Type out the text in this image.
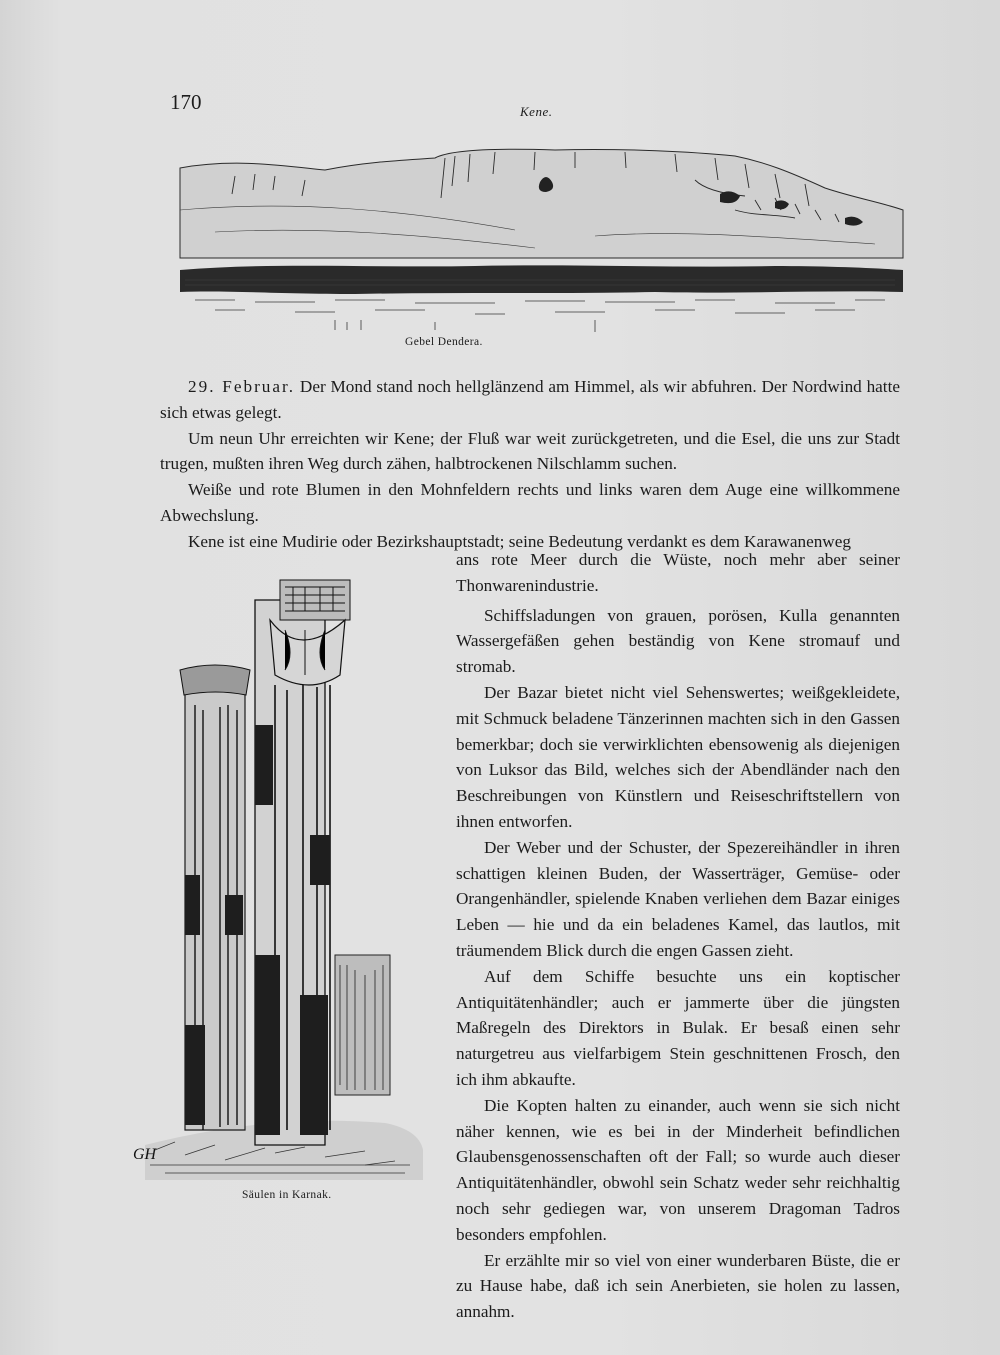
170	Kene.
Gebel Dendera.

29. Februar. Der Mond stand noch hellglänzend am Himmel, als wir abfuhren. Der Nordwind hatte sich etwas gelegt.

Um neun Uhr erreichten wir Kene; der Fluß war weit zurückgetreten, und die Esel, die uns zur Stadt trugen, mußten ihren Weg durch zähen, halbtrockenen Nilschlamm suchen.

Weiße und rote Blumen in den Mohnfeldern rechts und links waren dem Auge eine willkommene Abwechslung.

Kene ist eine Mudirie oder Bezirkshauptstadt; seine Bedeutung verdankt es dem Karawanenweg

GH
Säulen in Karnak.

ans rote Meer durch die Wüste, noch mehr aber seiner Thonwarenindustrie.

Schiffsladungen von grauen, porösen, Kulla genannten Wassergefäßen gehen beständig von Kene stromauf und stromab.

Der Bazar bietet nicht viel Sehenswertes; weißgekleidete, mit Schmuck beladene Tänzerinnen machten sich in den Gassen bemerkbar; doch sie verwirklichten ebensowenig als diejenigen von Luksor das Bild, welches sich der Abendländer nach den Beschreibungen von Künstlern und Reiseschriftstellern von ihnen entworfen.

Der Weber und der Schuster, der Spezereihändler in ihren schattigen kleinen Buden, der Wasserträger, Gemüse- oder Orangenhändler, spielende Knaben verliehen dem Bazar einiges Leben — hie und da ein beladenes Kamel, das lautlos, mit träumendem Blick durch die engen Gassen zieht.

Auf dem Schiffe besuchte uns ein koptischer Antiquitätenhändler; auch er jammerte über die jüngsten Maßregeln des Direktors in Bulak. Er besaß einen sehr naturgetreu aus vielfarbigem Stein geschnittenen Frosch, den ich ihm abkaufte.

Die Kopten halten zu einander, auch wenn sie sich nicht näher kennen, wie es bei in der Minderheit befindlichen Glaubensgenossenschaften oft der Fall; so wurde auch dieser Antiquitätenhändler, obwohl sein Schatz weder sehr reichhaltig noch sehr gediegen war, von unserem Dragoman Tadros besonders empfohlen.

Er erzählte mir so viel von einer wunderbaren Büste, die er zu Hause habe, daß ich sein Anerbieten, sie holen zu lassen, annahm.
